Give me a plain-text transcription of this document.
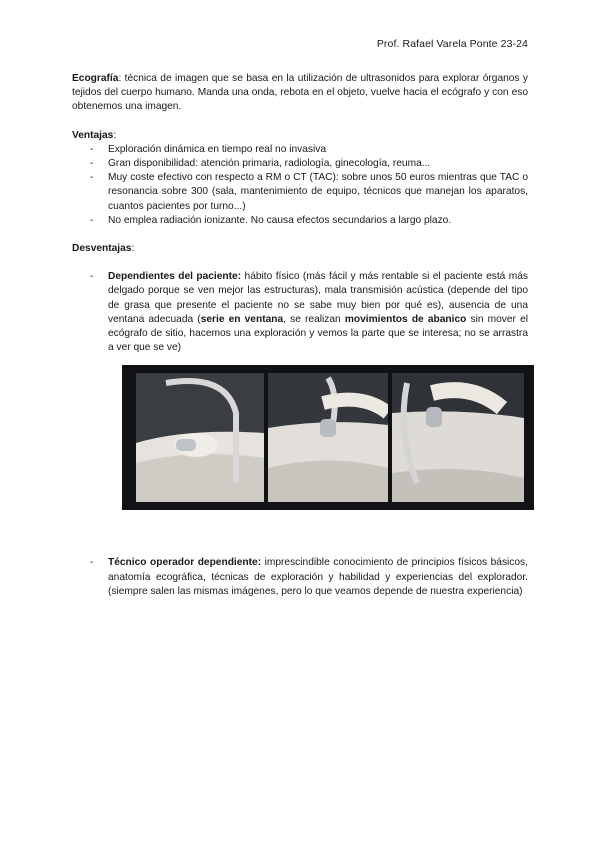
Prof. Rafael Varela Ponte 23-24

Ecografía: técnica de imagen que se basa en la utilización de ultrasonidos para explorar órganos y tejidos del cuerpo humano. Manda una onda, rebota en el objeto, vuelve hacia el ecógrafo y con eso obtenemos una imagen.

Ventajas:

- Exploración dinámica en tiempo real no invasiva
- Gran disponibilidad: atención primaria, radiología, ginecología, reuma...
- Muy coste efectivo con respecto a RM o CT (TAC): sobre unos 50 euros mientras que TAC o resonancia sobre 300 (sala, mantenimiento de equipo, técnicos que manejan los aparatos, cuantos pacientes por turno...)
- No emplea radiación ionizante. No causa efectos secundarios a largo plazo.

Desventajas:

- Dependientes del paciente: hábito físico (más fácil y más rentable si el paciente está más delgado porque se ven mejor las estructuras), mala transmisión acústica (depende del tipo de grasa que presente el paciente no se sabe muy bien por qué es), ausencia de una ventana adecuada (serie en ventana, se realizan movimientos de abanico sin mover el ecógrafo de sitio, hacemos una exploración y vemos la parte que se interesa; no se arrastra a ver que se ve)
- Técnico operador dependiente: imprescindible conocimiento de principios físicos básicos, anatomía ecográfica, técnicas de exploración y habilidad y experiencias del explorador. (siempre salen las mismas imágenes, pero lo que veamos depende de nuestra experiencia)
